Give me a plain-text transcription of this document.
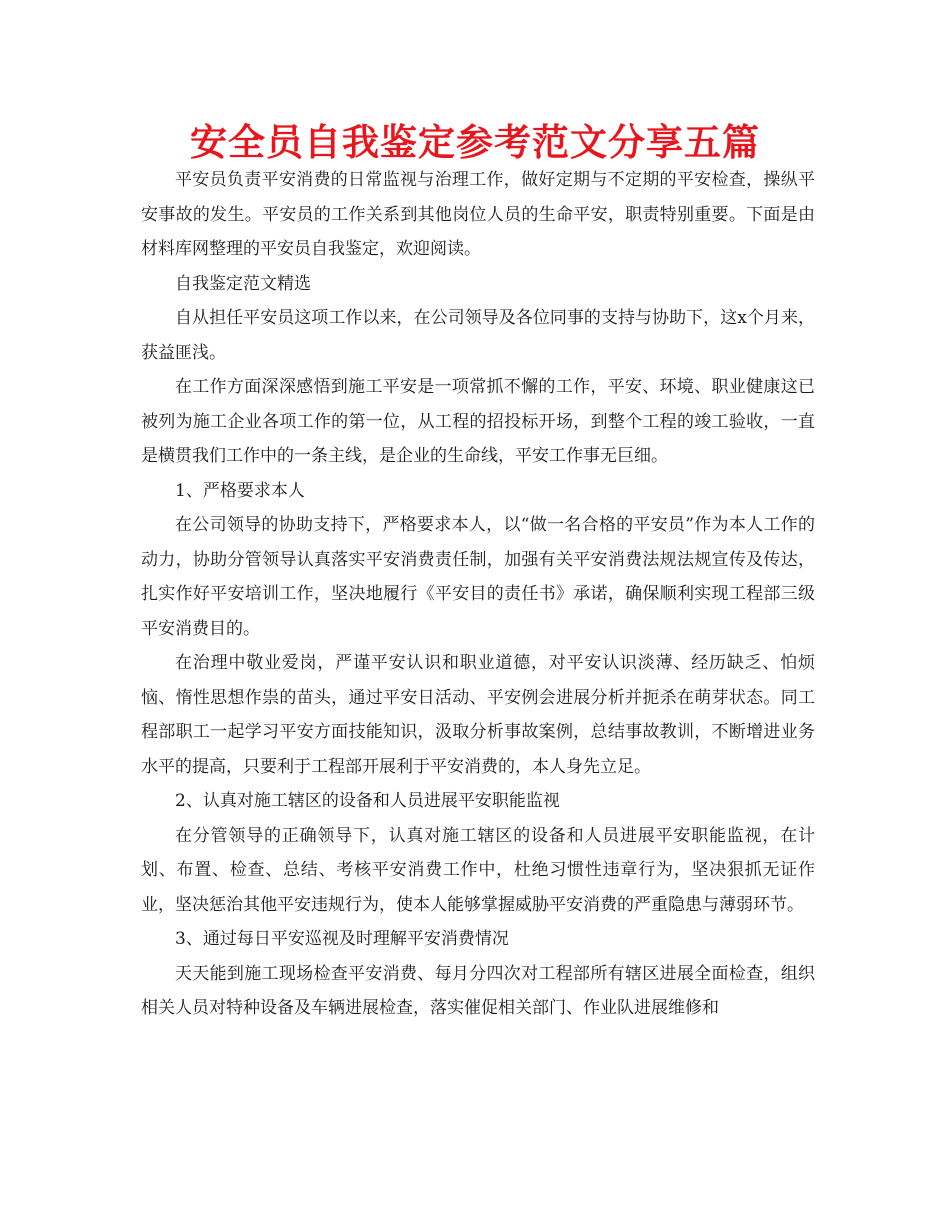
安全员自我鉴定参考范文分享五篇

平安员负责平安消费的日常监视与治理工作，做好定期与不定期的平安检查，操纵平安事故的发生。平安员的工作关系到其他岗位人员的生命平安，职责特别重要。下面是由材料库网整理的平安员自我鉴定，欢迎阅读。

自我鉴定范文精选

自从担任平安员这项工作以来，在公司领导及各位同事的支持与协助下，这x个月来，获益匪浅。

在工作方面深深感悟到施工平安是一项常抓不懈的工作，平安、环境、职业健康这已被列为施工企业各项工作的第一位，从工程的招投标开场，到整个工程的竣工验收，一直是横贯我们工作中的一条主线，是企业的生命线，平安工作事无巨细。

1、严格要求本人

在公司领导的协助支持下，严格要求本人，以“做一名合格的平安员”作为本人工作的动力，协助分管领导认真落实平安消费责任制，加强有关平安消费法规法规宣传及传达，扎实作好平安培训工作，坚决地履行《平安目的责任书》承诺，确保顺利实现工程部三级平安消费目的。

在治理中敬业爱岗，严谨平安认识和职业道德，对平安认识淡薄、经历缺乏、怕烦恼、惰性思想作祟的苗头，通过平安日活动、平安例会进展分析并扼杀在萌芽状态。同工程部职工一起学习平安方面技能知识，汲取分析事故案例，总结事故教训，不断增进业务水平的提高，只要利于工程部开展利于平安消费的，本人身先立足。

2、认真对施工辖区的设备和人员进展平安职能监视

在分管领导的正确领导下，认真对施工辖区的设备和人员进展平安职能监视，在计划、布置、检查、总结、考核平安消费工作中，杜绝习惯性违章行为，坚决狠抓无证作业，坚决惩治其他平安违规行为，使本人能够掌握威胁平安消费的严重隐患与薄弱环节。

3、通过每日平安巡视及时理解平安消费情况

天天能到施工现场检查平安消费、每月分四次对工程部所有辖区进展全面检查，组织相关人员对特种设备及车辆进展检查，落实催促相关部门、作业队进展维修和
